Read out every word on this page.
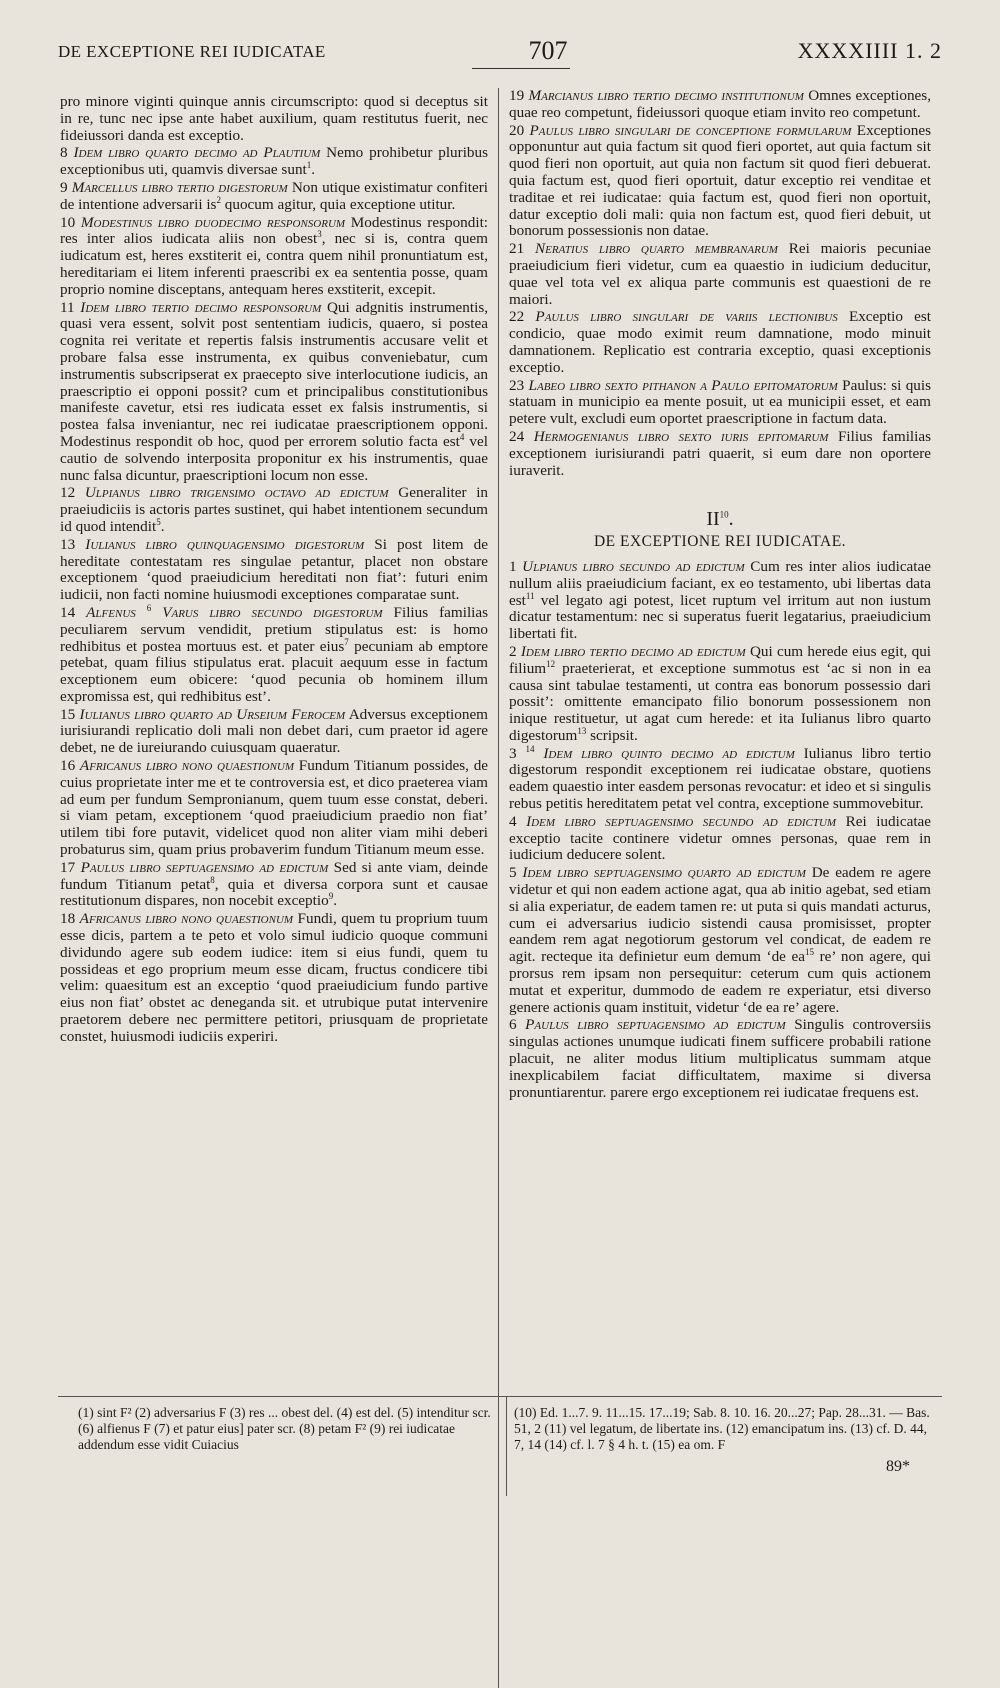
DE EXCEPTIONE REI IUDICATAE	707	XXXXIIII 1. 2

pro minore viginti quinque annis circumscripto: quod si deceptus sit in re, tunc nec ipse ante habet auxilium, quam restitutus fuerit, nec fideiussori danda est exceptio.

8 Idem libro quarto decimo ad Plautium Nemo prohibetur pluribus exceptionibus uti, quamvis diversae sunt$^1$.

9 Marcellus libro tertio digestorum Non utique existimatur confiteri de intentione adversarii $is^2$ quocum agitur, quia exceptione utitur.

10 Modestinus libro duodecimo responsorum Modestinus respondit: res inter alios iudicata aliis non obest$^3$, nec si is, contra quem iudicatum est, heres exstiterit ei, contra quem nihil pronuntiatum est, hereditariam ei litem inferenti praescribi ex ea sententia posse, quam proprio nomine disceptans, antequam heres exstiterit, excepit.

11 Idem libro tertio decimo responsorum Qui adgnitis instrumentis, quasi vera essent, solvit post sententiam iudicis, quaero, si postea cognita rei veritate et repertis falsis instrumentis accusare velit et probare falsa esse instrumenta, ex quibus conveniebatur, cum instrumentis subscripserat ex praecepto sive interlocutione iudicis, an praescriptio ei opponi possit? cum et principalibus constitutionibus manifeste cavetur, etsi res iudicata esset ex falsis instrumentis, si postea falsa inveniantur, nec rei iudicatae praescriptionem opponi. Modestinus respondit ob hoc, quod per errorem solutio facta est$^4$ vel cautio de solvendo interposita proponitur ex his instrumentis, quae nunc falsa dicuntur, praescriptioni locum non esse.

12 Ulpianus libro trigensimo octavo ad edictum Generaliter in praeiudiciis is actoris partes sustinet, qui habet intentionem secundum id quod intendit$^5$.

13 Iulianus libro quinquagensimo digestorum Si post litem de hereditate contestatam res singulae petantur, placet non obstare exceptionem ‘quod praeiudicium hereditati non fiat’: futuri enim iudicii, non facti nomine huiusmodi exceptiones comparatae sunt.

14 Alfenus $^6$ Varus libro secundo digestorum Filius familias peculiarem servum vendidit, pretium stipulatus est: is homo redhibitus et postea mortuus est. et pater eius$^7$ pecuniam ab emptore petebat, quam filius stipulatus erat. placuit aequum esse in factum exceptionem eum obicere: ‘quod pecunia ob hominem illum expromissa est, qui redhibitus est’.

15 Iulianus libro quarto ad Urseium Ferocem Adversus exceptionem iurisiurandi replicatio doli mali non debet dari, cum praetor id agere debet, ne de iureiurando cuiusquam quaeratur.

16 Africanus libro nono quaestionum Fundum Titianum possides, de cuius proprietate inter me et te controversia est, et dico praeterea viam ad eum per fundum Sempronianum, quem tuum esse constat, deberi. si viam petam, exceptionem ‘quod praeiudicium praedio non fiat’ utilem tibi fore putavit, videlicet quod non aliter viam mihi deberi probaturus sim, quam prius probaverim fundum Titianum meum esse.

17 Paulus libro septuagensimo ad edictum Sed si ante viam, deinde fundum Titianum petat$^8$, quia et diversa corpora sunt et causae restitutionum dispares, non nocebit exceptio$^9$.

18 Africanus libro nono quaestionum Fundi, quem tu proprium tuum esse dicis, partem a te peto et volo simul iudicio quoque communi dividundo agere sub eodem iudice: item si eius fundi, quem tu possideas et ego proprium meum esse dicam, fructus condicere tibi velim: quaesitum est an exceptio ‘quod praeiudicium fundo partive eius non fiat’ obstet ac deneganda sit. et utrubique putat intervenire praetorem debere nec permittere petitori, priusquam de proprietate constet, huiusmodi iudiciis experiri.

19 Marcianus libro tertio decimo institutionum Omnes exceptiones, quae reo competunt, fideiussori quoque etiam invito reo competunt.

20 Paulus libro singulari de conceptione formularum Exceptiones opponuntur aut quia factum sit quod fieri oportet, aut quia factum sit quod fieri non oportuit, aut quia non factum sit quod fieri debuerat. quia factum est, quod fieri oportuit, datur exceptio rei venditae et traditae et rei iudicatae: quia factum est, quod fieri non oportuit, datur exceptio doli mali: quia non factum est, quod fieri debuit, ut bonorum possessionis non datae.

21 Neratius libro quarto membranarum Rei maioris pecuniae praeiudicium fieri videtur, cum ea quaestio in iudicium deducitur, quae vel tota vel ex aliqua parte communis est quaestioni de re maiori.

22 Paulus libro singulari de variis lectionibus Exceptio est condicio, quae modo eximit reum damnatione, modo minuit damnationem. Replicatio est contraria exceptio, quasi exceptionis exceptio.

23 Labeo libro sexto pithanon a Paulo epitomatorum Paulus: si quis statuam in municipio ea mente posuit, ut ea municipii esset, et eam petere vult, excludi eum oportet praescriptione in factum data.

24 Hermogenianus libro sexto iuris epitomarum Filius familias exceptionem iurisiurandi patri quaerit, si eum dare non oportere iuraverit.

II$^{10}$.
DE EXCEPTIONE REI IUDICATAE.

1 Ulpianus libro secundo ad edictum Cum res inter alios iudicatae nullum aliis praeiudicium faciant, ex eo testamento, ubi libertas data est$^{11}$ vel legato agi potest, licet ruptum vel irritum aut non iustum dicatur testamentum: nec si superatus fuerit legatarius, praeiudicium libertati fit.

2 Idem libro tertio decimo ad edictum Qui cum herede eius egit, qui filium$^{12}$ praeterierat, et exceptione summotus est ‘ac si non in ea causa sint tabulae testamenti, ut contra eas bonorum possessio dari possit’: omittente emancipato filio bonorum possessionem non inique restituetur, ut agat cum herede: et ita Iulianus libro quarto digestorum$^{13}$ scripsit.

3 $^{14}$ Idem libro quinto decimo ad edictum Iulianus libro tertio digestorum respondit exceptionem rei iudicatae obstare, quotiens eadem quaestio inter easdem personas revocatur: et ideo et si singulis rebus petitis hereditatem petat vel contra, exceptione summovebitur.

4 Idem libro septuagensimo secundo ad edictum Rei iudicatae exceptio tacite continere videtur omnes personas, quae rem in iudicium deducere solent.

5 Idem libro septuagensimo quarto ad edictum De eadem re agere videtur et qui non eadem actione agat, qua ab initio agebat, sed etiam si alia experiatur, de eadem tamen re: ut puta si quis mandati acturus, cum ei adversarius iudicio sistendi causa promisisset, propter eandem rem agat negotiorum gestorum vel condicat, de eadem re agit. recteque ita definietur eum demum ‘de $ea^{15}$ re’ non agere, qui prorsus rem ipsam non persequitur: ceterum cum quis actionem mutat et experitur, dummodo de eadem re experiatur, etsi diverso genere actionis quam instituit, videtur ‘de ea re’ agere.

6 Paulus libro septuagensimo ad edictum Singulis controversiis singulas actiones unumque iudicati finem sufficere probabili ratione placuit, ne aliter modus litium multiplicatus summam atque inexplicabilem faciat difficultatem, maxime si diversa pronuntiarentur. parere ergo exceptionem rei iudicatae frequens est.

(1) sint F² (2) adversarius F (3) res ... obest del. (4) est del. (5) intenditur scr. (6) alfienus F (7) et patur eius] pater scr. (8) petam F² (9) rei iudicatae addendum esse vidit Cuiacius
(10) Ed. 1...7. 9. 11...15. 17...19; Sab. 8. 10. 16. 20...27; Pap. 28...31. — Bas. 51, 2 (11) vel legatum, de libertate ins. (12) emancipatum ins. (13) cf. D. 44, 7, 14 (14) cf. l. 7 § 4 h. t. (15) ea om. F
89*
